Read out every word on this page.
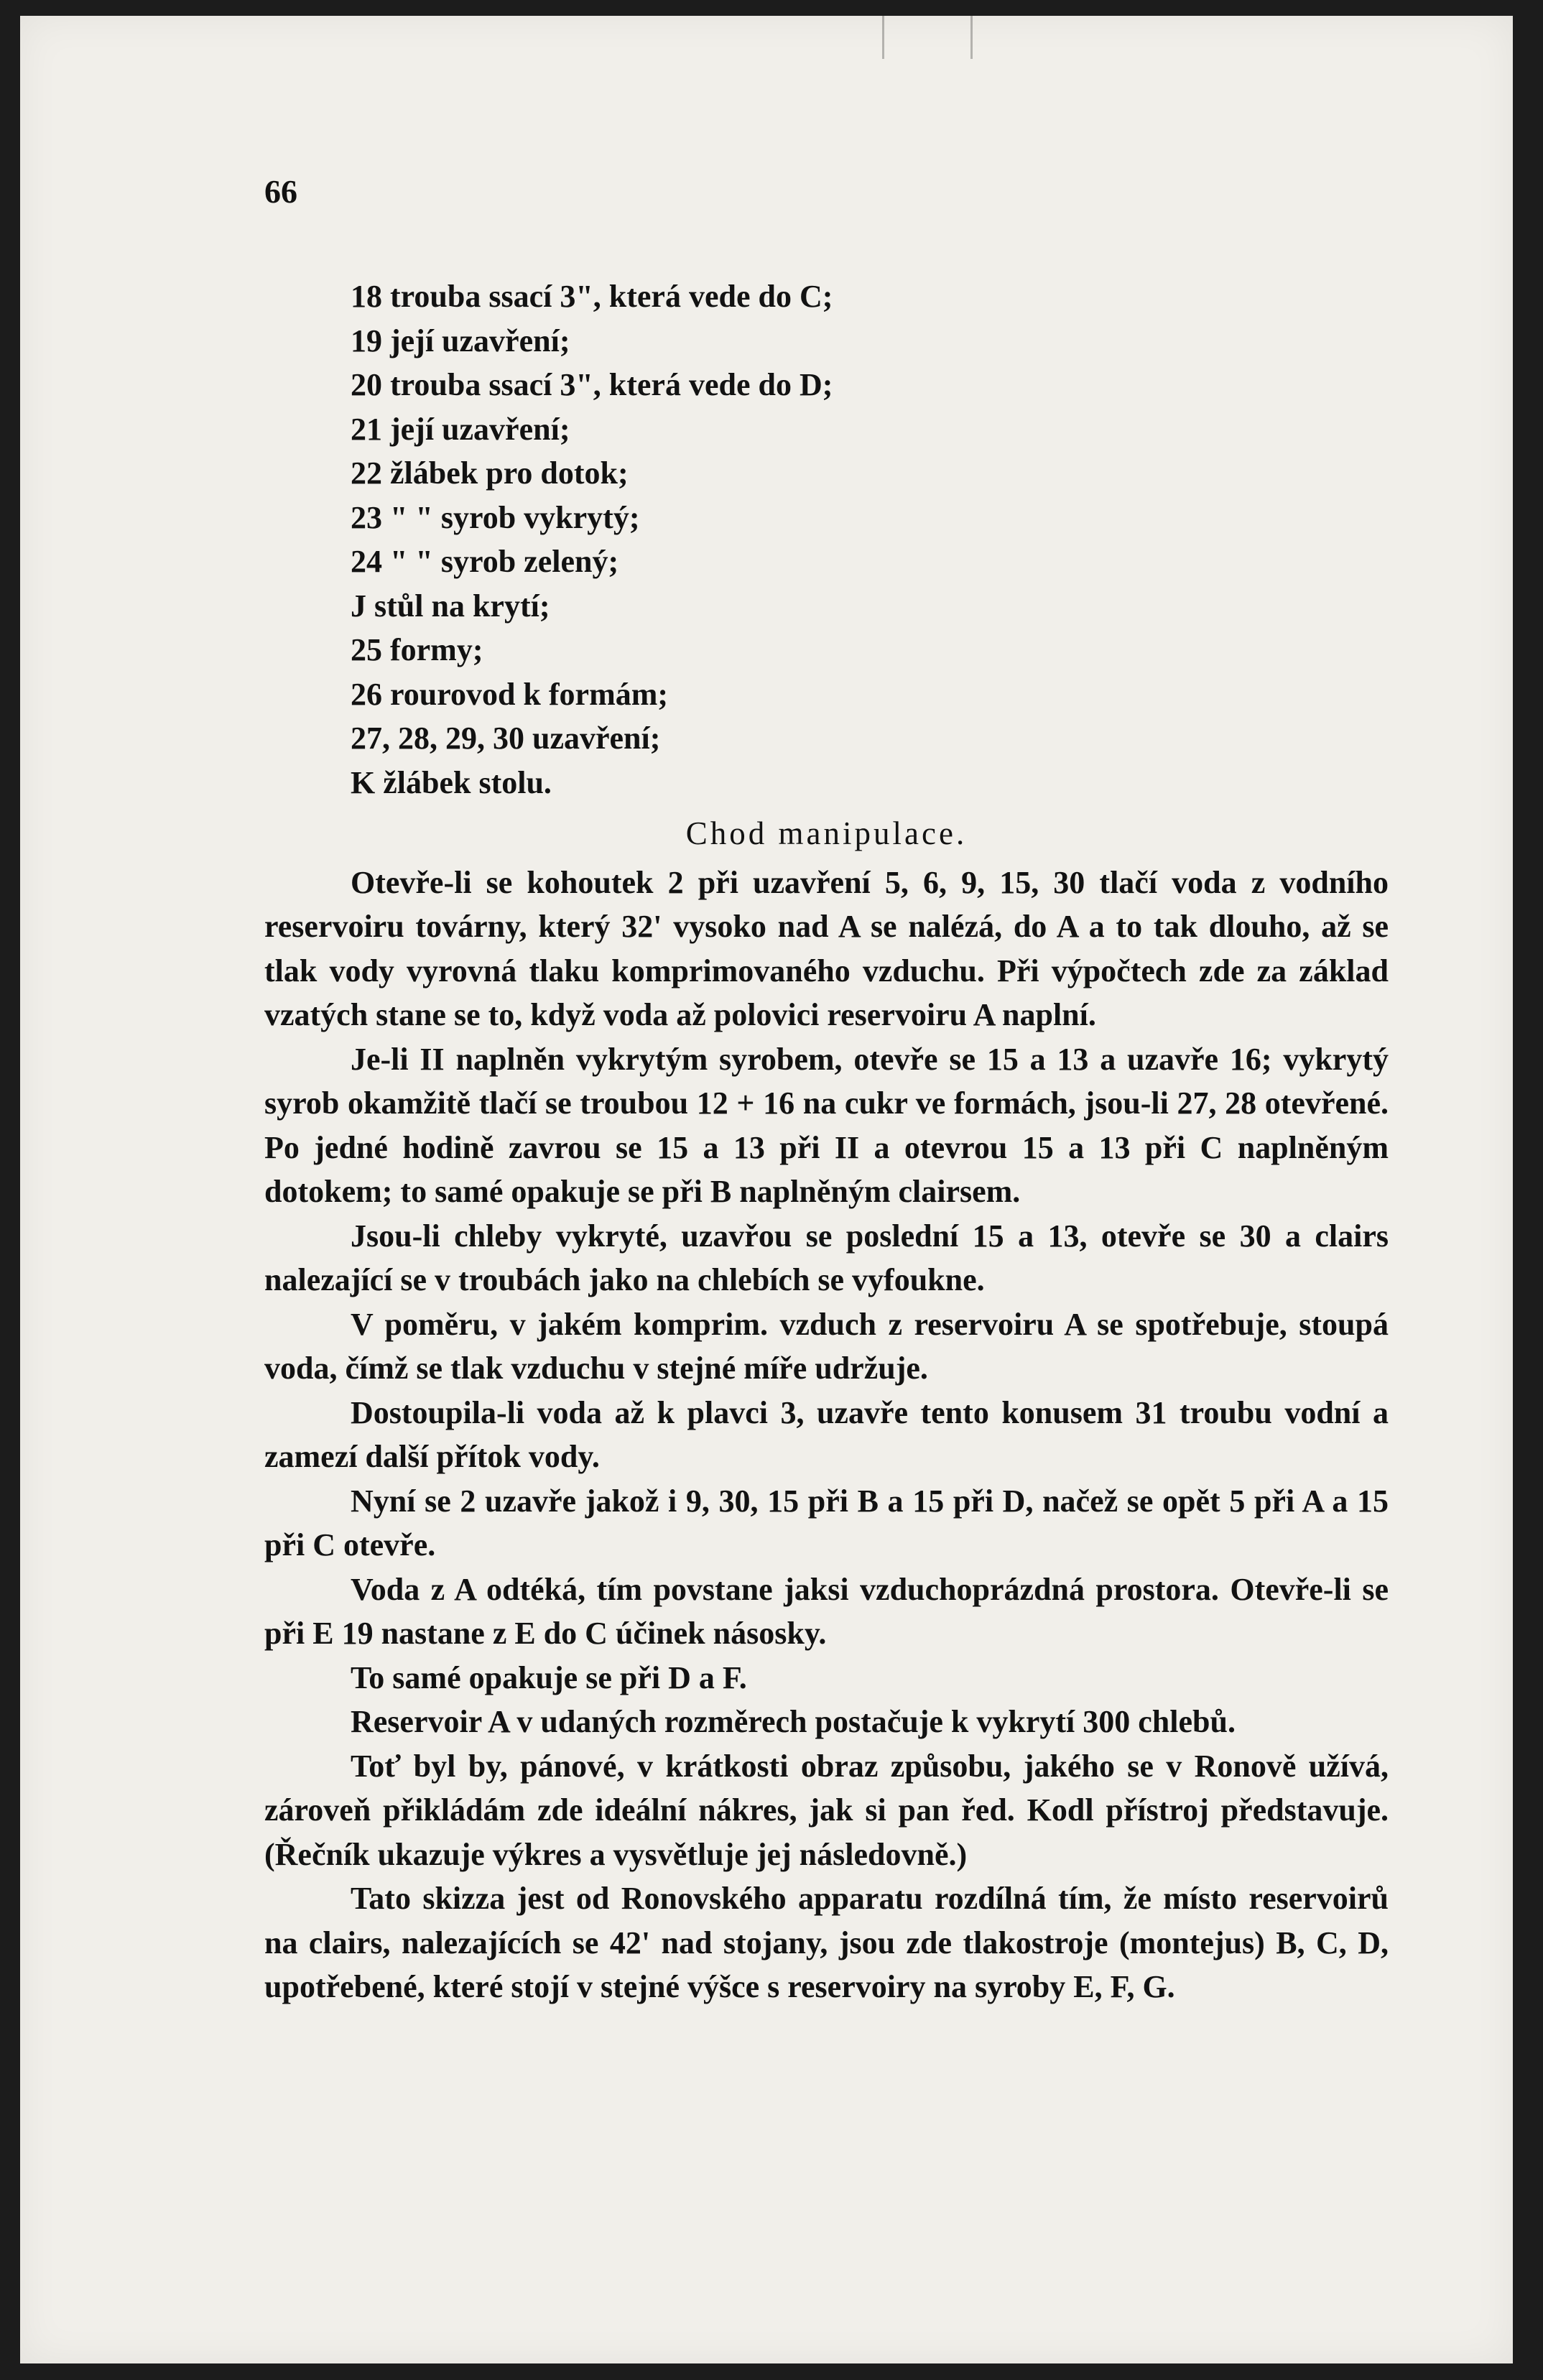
66
18 trouba ssací 3", která vede do C;
19 její uzavření;
20 trouba ssací 3", která vede do D;
21 její uzavření;
22 žlábek pro dotok;
23 " " syrob vykrytý;
24 " " syrob zelený;
J stůl na krytí;
25 formy;
26 rourovod k formám;
27, 28, 29, 30 uzavření;
K žlábek stolu.
Chod manipulace.

Otevře-li se kohoutek 2 při uzavření 5, 6, 9, 15, 30 tlačí voda z vodního reservoiru továrny, který 32' vysoko nad A se nalézá, do A a to tak dlouho, až se tlak vody vyrovná tlaku komprimovaného vzduchu. Při výpočtech zde za základ vzatých stane se to, když voda až polovici reservoiru A naplní.

Je-li II naplněn vykrytým syrobem, otevře se 15 a 13 a uzavře 16; vykrytý syrob okamžitě tlačí se troubou 12 + 16 na cukr ve formách, jsou-li 27, 28 otevřené. Po jedné hodině zavrou se 15 a 13 při II a otevrou 15 a 13 při C naplněným dotokem; to samé opakuje se při B naplněným clairsem.

Jsou-li chleby vykryté, uzavřou se poslední 15 a 13, otevře se 30 a clairs nalezající se v troubách jako na chlebích se vyfoukne.

V poměru, v jakém komprim. vzduch z reservoiru A se spotřebuje, stoupá voda, čímž se tlak vzduchu v stejné míře udržuje.

Dostoupila-li voda až k plavci 3, uzavře tento konusem 31 troubu vodní a zamezí další přítok vody.

Nyní se 2 uzavře jakož i 9, 30, 15 při B a 15 při D, načež se opět 5 při A a 15 při C otevře.

Voda z A odtéká, tím povstane jaksi vzduchoprázdná prostora. Otevře-li se při E 19 nastane z E do C účinek násosky.

To samé opakuje se při D a F.

Reservoir A v udaných rozměrech postačuje k vykrytí 300 chlebů.

Toť byl by, pánové, v krátkosti obraz způsobu, jakého se v Ronově užívá, zároveň přikládám zde ideální nákres, jak si pan řed. Kodl přístroj představuje. (Řečník ukazuje výkres a vysvětluje jej následovně.)

Tato skizza jest od Ronovského apparatu rozdílná tím, že místo reservoirů na clairs, nalezajících se 42' nad stojany, jsou zde tlakostroje (montejus) B, C, D, upotřebené, které stojí v stejné výšce s reservoiry na syroby E, F, G.
